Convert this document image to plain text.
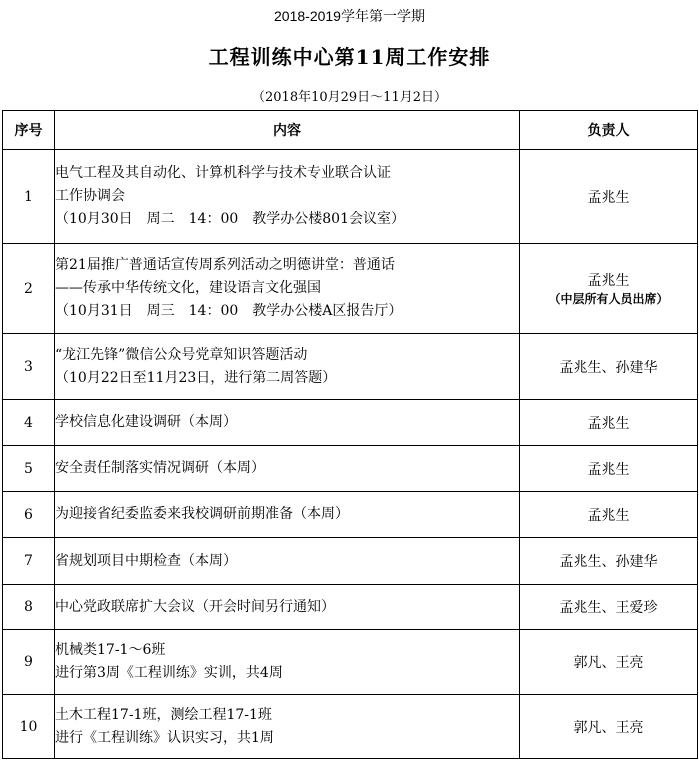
2018-2019学年第一学期
工程训练中心第11周工作安排
（2018年10月29日～11月2日）
序号	内容	负责人
1	电气工程及其自动化、计算机科学与技术专业联合认证
工作协调会
（10月30日　周二　14：00　教学办公楼801会议室）	孟兆生
2	第21届推广普通话宣传周系列活动之明德讲堂：普通话
——传承中华传统文化，建设语言文化强国
（10月31日　周三　14：00　教学办公楼A区报告厅）	孟兆生
（中层所有人员出席）

3	“龙江先锋”微信公众号党章知识答题活动
（10月22日至11月23日，进行第二周答题）	孟兆生、孙建华
4	学校信息化建设调研（本周）	孟兆生
5	安全责任制落实情况调研（本周）	孟兆生
6	为迎接省纪委监委来我校调研前期准备（本周）	孟兆生
7	省规划项目中期检查（本周）	孟兆生、孙建华
8	中心党政联席扩大会议（开会时间另行通知）	孟兆生、王爱珍
9	机械类17-1～6班
进行第3周《工程训练》实训，共4周	郭凡、王亮
10	土木工程17-1班，测绘工程17-1班
进行《工程训练》认识实习，共1周	郭凡、王亮
